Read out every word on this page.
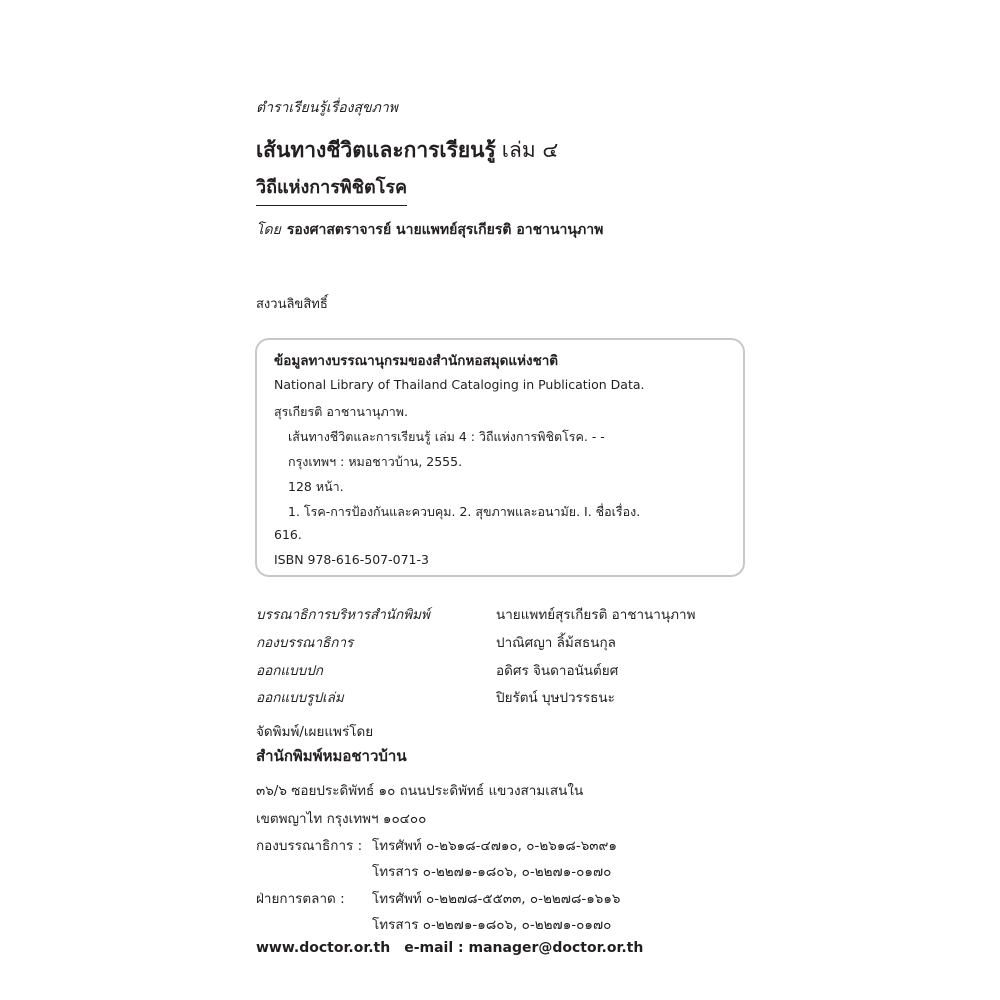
ตำราเรียนรู้เรื่องสุขภาพ
เส้นทางชีวิตและการเรียนรู้ เล่ม ๔
วิถีแห่งการพิชิตโรค
โดย รองศาสตราจารย์ นายแพทย์สุรเกียรติ อาชานานุภาพ
สงวนลิขสิทธิ์
ข้อมูลทางบรรณานุกรมของสำนักหอสมุดแห่งชาติ
National Library of Thailand Cataloging in Publication Data.
สุรเกียรติ อาชานานุภาพ.
เส้นทางชีวิตและการเรียนรู้ เล่ม 4 : วิถีแห่งการพิชิตโรค. - -
กรุงเทพฯ : หมอชาวบ้าน, 2555.
128 หน้า.
1. โรค-การป้องกันและควบคุม. 2. สุขภาพและอนามัย. I. ชื่อเรื่อง.
616.
ISBN 978-616-507-071-3
บรรณาธิการบริหารสำนักพิมพ์	นายแพทย์สุรเกียรติ อาชานานุภาพ
กองบรรณาธิการ	ปาณิศญา ลิ้ม้สธนกุล
ออกแบบปก	อดิศร จินดาอนันต์ยศ
ออกแบบรูปเล่ม	ปิยรัตน์ บุษปวรรธนะ
จัดพิมพ์/เผยแพร่โดย
สำนักพิมพ์หมอชาวบ้าน
๓๖/๖ ซอยประดิพัทธ์ ๑๐ ถนนประดิพัทธ์ แขวงสามเสนใน
เขตพญาไท กรุงเทพฯ ๑๐๔๐๐
กองบรรณาธิการ : โทรศัพท์ ๐-๒๖๑๘-๔๗๑๐, ๐-๒๖๑๘-๖๓๙๑
โทรสาร ๐-๒๒๗๑-๑๘๐๖, ๐-๒๒๗๑-๐๑๗๐
ฝ่ายการตลาด : โทรศัพท์ ๐-๒๒๗๘-๕๕๓๓, ๐-๒๒๗๘-๑๖๑๖
โทรสาร ๐-๒๒๗๑-๑๘๐๖, ๐-๒๒๗๑-๐๑๗๐
www.doctor.or.th e-mail : manager@doctor.or.th
